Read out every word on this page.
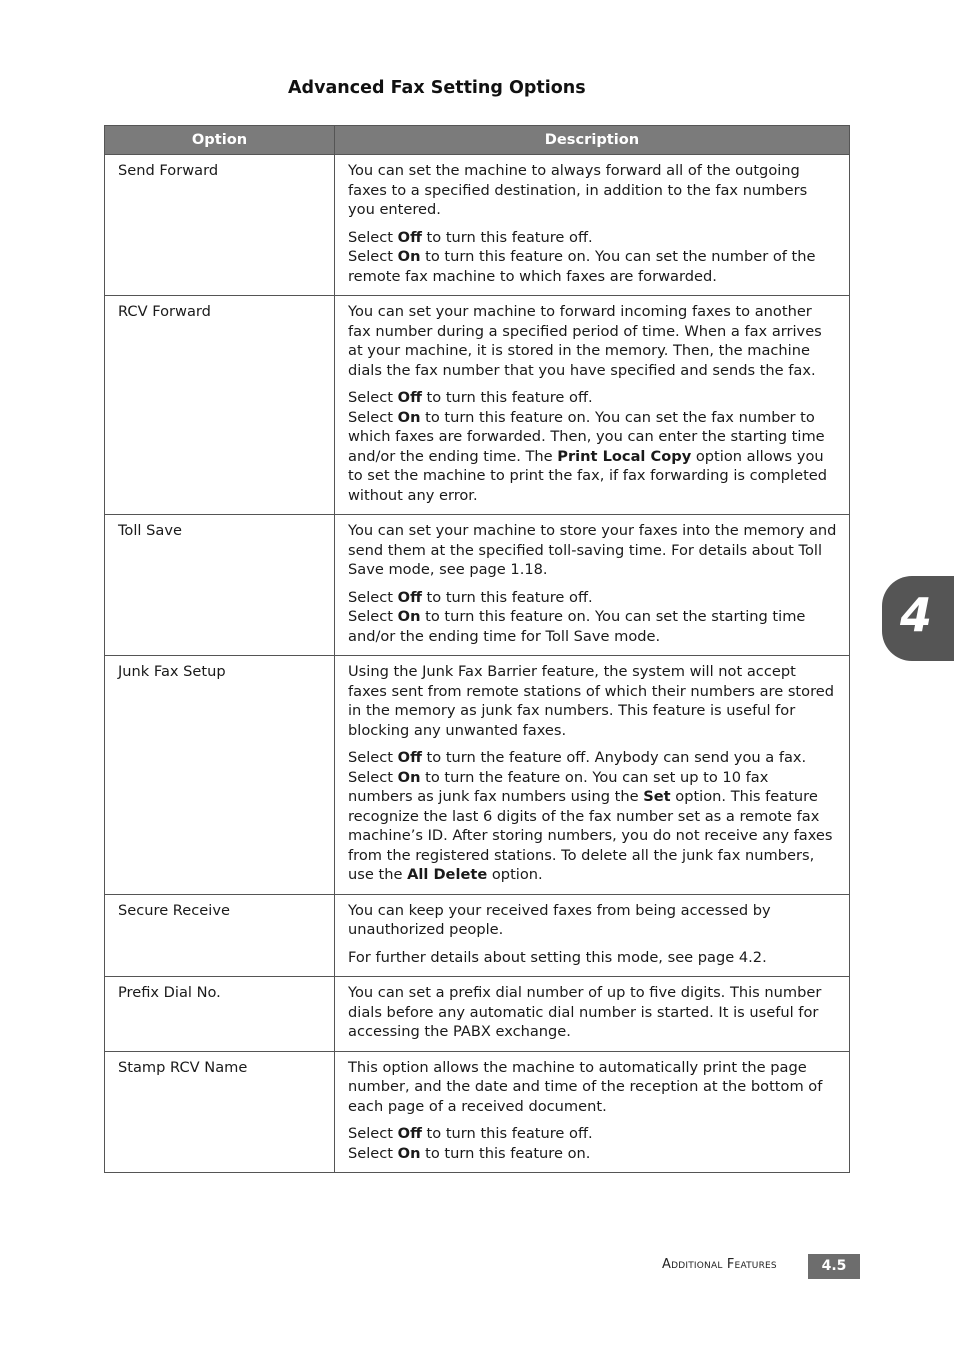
Advanced Fax Setting Options
Option	Description
Send Forward	You can set the machine to always forward all of the outgoing faxes to a specified destination, in addition to the fax numbers you entered.

Select Off to turn this feature off.
Select On to turn this feature on. You can set the number of the remote fax machine to which faxes are forwarded.

RCV Forward	You can set your machine to forward incoming faxes to another fax number during a specified period of time. When a fax arrives at your machine, it is stored in the memory. Then, the machine dials the fax number that you have specified and sends the fax.

Select Off to turn this feature off.
Select On to turn this feature on. You can set the fax number to which faxes are forwarded. Then, you can enter the starting time and/or the ending time. The Print Local Copy option allows you to set the machine to print the fax, if fax forwarding is completed without any error.

Toll Save	You can set your machine to store your faxes into the memory and send them at the specified toll-saving time. For details about Toll Save mode, see page 1.18.

Select Off to turn this feature off.
Select On to turn this feature on. You can set the starting time and/or the ending time for Toll Save mode.

Junk Fax Setup	Using the Junk Fax Barrier feature, the system will not accept faxes sent from remote stations of which their numbers are stored in the memory as junk fax numbers. This feature is useful for blocking any unwanted faxes.

Select Off to turn the feature off. Anybody can send you a fax.
Select On to turn the feature on. You can set up to 10 fax numbers as junk fax numbers using the Set option. This feature recognize the last 6 digits of the fax number set as a remote fax machine’s ID. After storing numbers, you do not receive any faxes from the registered stations. To delete all the junk fax numbers, use the All Delete option.

Secure Receive	You can keep your received faxes from being accessed by unauthorized people.

For further details about setting this mode, see page 4.2.

Prefix Dial No.	You can set a prefix dial number of up to five digits. This number dials before any automatic dial number is started. It is useful for accessing the PABX exchange.

Stamp RCV Name	This option allows the machine to automatically print the page number, and the date and time of the reception at the bottom of each page of a received document.

Select Off to turn this feature off.
Select On to turn this feature on.

4
Additional Features	4.5
